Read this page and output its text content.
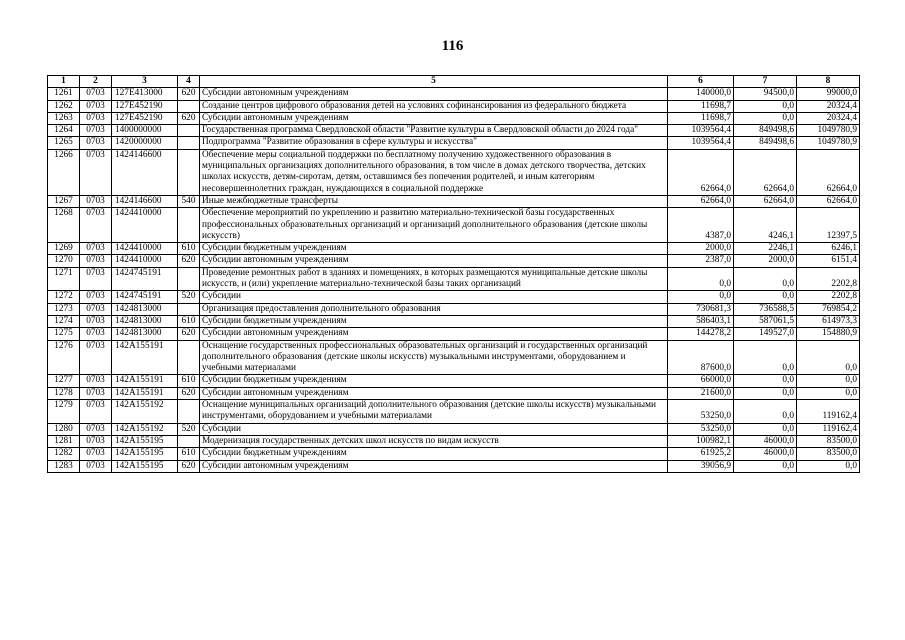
116
1	2	3	4	5	6	7	8
1261	0703	127E413000	620	Субсидии автономным учреждениям	140000,0	94500,0	99000,0
1262	0703	127E452190		Создание центров цифрового образования детей на условиях софинансирования из федерального бюджета	11698,7	0,0	20324,4
1263	0703	127E452190	620	Субсидии автономным учреждениям	11698,7	0,0	20324,4
1264	0703	1400000000		Государственная программа Свердловской области "Развитие культуры в Свердловской области до 2024 года"	1039564,4	849498,6	1049780,9
1265	0703	1420000000		Подпрограмма "Развитие образования в сфере культуры и искусства"	1039564,4	849498,6	1049780,9
1266	0703	1424146600		Обеспечение меры социальной поддержки по бесплатному получению художественного образования в муниципальных организациях дополнительного образования, в том числе в домах детского творчества, детских школах искусств, детям-сиротам, детям, оставшимся без попечения родителей, и иным категориям несовершеннолетних граждан, нуждающихся в социальной поддержке	62664,0	62664,0	62664,0
1267	0703	1424146600	540	Иные межбюджетные трансферты	62664,0	62664,0	62664,0
1268	0703	1424410000		Обеспечение мероприятий по укреплению и развитию материально-технической базы государственных профессиональных образовательных организаций и организаций дополнительного образования (детские школы искусств)	4387,0	4246,1	12397,5
1269	0703	1424410000	610	Субсидии бюджетным учреждениям	2000,0	2246,1	6246,1
1270	0703	1424410000	620	Субсидии автономным учреждениям	2387,0	2000,0	6151,4
1271	0703	1424745191		Проведение ремонтных работ в зданиях и помещениях, в которых размещаются муниципальные детские школы искусств, и (или) укрепление материально-технической базы таких организаций	0,0	0,0	2202,8
1272	0703	1424745191	520	Субсидии	0,0	0,0	2202,8
1273	0703	1424813000		Организация предоставления дополнительного образования	730681,3	736588,5	769854,2
1274	0703	1424813000	610	Субсидии бюджетным учреждениям	586403,1	587061,5	614973,3
1275	0703	1424813000	620	Субсидии автономным учреждениям	144278,2	149527,0	154880,9
1276	0703	142А155191		Оснащение государственных профессиональных образовательных организаций и государственных организаций дополнительного образования (детские школы искусств) музыкальными инструментами, оборудованием и учебными материалами	87600,0	0,0	0,0
1277	0703	142А155191	610	Субсидии бюджетным учреждениям	66000,0	0,0	0,0
1278	0703	142А155191	620	Субсидии автономным учреждениям	21600,0	0,0	0,0
1279	0703	142А155192		Оснащение муниципальных организаций дополнительного образования (детские школы искусств) музыкальными инструментами, оборудованием и учебными материалами	53250,0	0,0	119162,4
1280	0703	142А155192	520	Субсидии	53250,0	0,0	119162,4
1281	0703	142А155195		Модернизация государственных детских школ искусств по видам искусств	100982,1	46000,0	83500,0
1282	0703	142А155195	610	Субсидии бюджетным учреждениям	61925,2	46000,0	83500,0
1283	0703	142А155195	620	Субсидии автономным учреждениям	39056,9	0,0	0,0
